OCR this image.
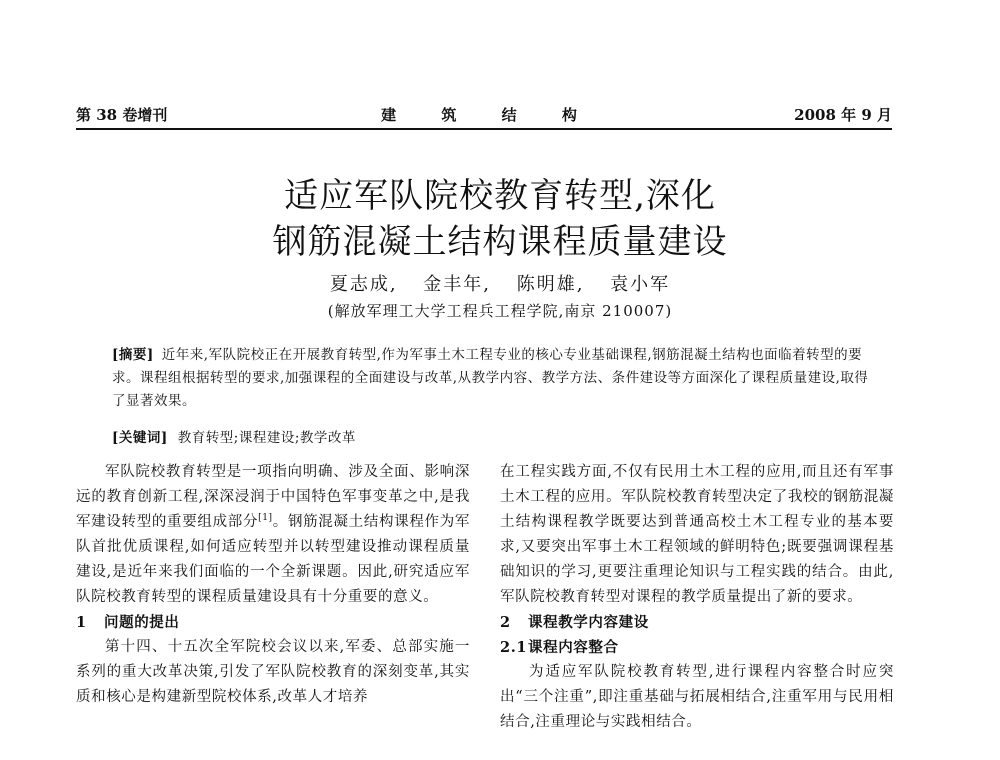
第 38 卷增刊	建 筑 结 构	2008 年 9 月
适应军队院校教育转型,深化
钢筋混凝土结构课程质量建设
夏志成, 金丰年, 陈明雄, 袁小军
(解放军理工大学工程兵工程学院,南京 210007)
[摘要] 近年来,军队院校正在开展教育转型,作为军事土木工程专业的核心专业基础课程,钢筋混凝土结构也面临着转型的要求。课程组根据转型的要求,加强课程的全面建设与改革,从教学内容、教学方法、条件建设等方面深化了课程质量建设,取得了显著效果。
[关键词] 教育转型;课程建设;教学改革

军队院校教育转型是一项指向明确、涉及全面、影响深远的教育创新工程,深深浸润于中国特色军事变革之中,是我军建设转型的重要组成部分[1]。钢筋混凝土结构课程作为军队首批优质课程,如何适应转型并以转型建设推动课程质量建设,是近年来我们面临的一个全新课题。因此,研究适应军队院校教育转型的课程质量建设具有十分重要的意义。

1 问题的提出

第十四、十五次全军院校会议以来,军委、总部实施一系列的重大改革决策,引发了军队院校教育的深刻变革,其实质和核心是构建新型院校体系,改革人才培养

在工程实践方面,不仅有民用土木工程的应用,而且还有军事土木工程的应用。军队院校教育转型决定了我校的钢筋混凝土结构课程教学既要达到普通高校土木工程专业的基本要求,又要突出军事土木工程领域的鲜明特色;既要强调课程基础知识的学习,更要注重理论知识与工程实践的结合。由此,军队院校教育转型对课程的教学质量提出了新的要求。

2 课程教学内容建设
2.1课程内容整合

为适应军队院校教育转型,进行课程内容整合时应突出“三个注重”,即注重基础与拓展相结合,注重军用与民用相结合,注重理论与实践相结合。
